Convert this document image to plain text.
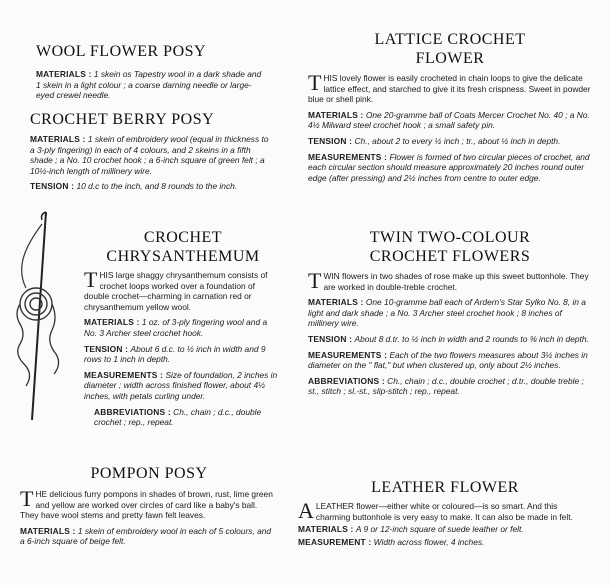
WOOL FLOWER POSY

MATERIALS : 1 skein os Tapestry wool in a dark shade and 1 skein in a light colour ; a coarse darning needle or large-eyed crewel needle.

CROCHET BERRY POSY

MATERIALS : 1 skein of embroidery wool (equal in thickness to a 3-ply fingering) in each of 4 colours, and 2 skeins in a fifth shade ; a No. 10 crochet hook ; a 6-inch square of green felt ; a 10½-inch length of millinery wire.

TENSION : 10 d.c to the inch, and 8 rounds to the inch.

CROCHET
CHRYSANTHEMUM

THIS large shaggy chrysanthemum consists of crochet loops worked over a foundation of double crochet—charming in carnation red or chrysanthemum yellow wool.

MATERIALS : 1 oz. of 3-ply fingering wool and a No. 3 Archer steel crochet hook.

TENSION : About 6 d.c. to ½ inch in width and 9 rows to 1 inch in depth.

MEASUREMENTS : Size of foundation, 2 inches in diameter ; width across finished flower, about 4½ inches, with petals curling under.

ABBREVIATIONS : Ch., chain ; d.c., double crochet ; rep., repeat.

POMPON POSY

THE delicious furry pompons in shades of brown, rust, lime green and yellow are worked over circles of card like a baby's ball. They have wool stems and pretty fawn felt leaves.

MATERIALS : 1 skein of embroidery wool in each of 5 colours, and a 6-inch square of beige felt.

LATTICE CROCHET
FLOWER

THIS lovely flower is easily crocheted in chain loops to give the delicate lattice effect, and starched to give it its fresh crispness. Sweet in powder blue or shell pink.

MATERIALS : One 20-gramme ball of Coats Mercer Crochet No. 40 ; a No. 4½ Milward steel crochet hook ; a small safety pin.

TENSION : Ch., about 2 to every ½ inch ; tr., about ½ inch in depth.

MEASUREMENTS : Flower is formed of two circular pieces of crochet, and each circular section should measure approximately 20 inches round outer edge (after pressing) and 2½ inches from centre to outer edge.

TWIN TWO-COLOUR
CROCHET FLOWERS

TWIN flowers in two shades of rose make up this sweet buttonhole. They are worked in double-treble crochet.

MATERIALS : One 10-gramme ball each of Ardern's Star Sylko No. 8, in a light and dark shade ; a No. 3 Archer steel crochet hook ; 8 inches of millinery wire.

TENSION : About 8 d.tr. to ½ inch in width and 2 rounds to ⅜ inch in depth.

MEASUREMENTS : Each of the two flowers measures about 3½ inches in diameter on the " flat," but when clustered up, only about 2½ inches.

ABBREVIATIONS : Ch., chain ; d.c., double crochet ; d.tr., double treble ; st., stitch ; sl.-st., slip-stitch ; rep., repeat.

LEATHER FLOWER

ALEATHER flower—either white or coloured—is so smart. And this charming buttonhole is very easy to make. It can also be made in felt.

MATERIALS : A 9 or 12-inch square of suede leather or felt.

MEASUREMENT : Width across flower, 4 inches.
